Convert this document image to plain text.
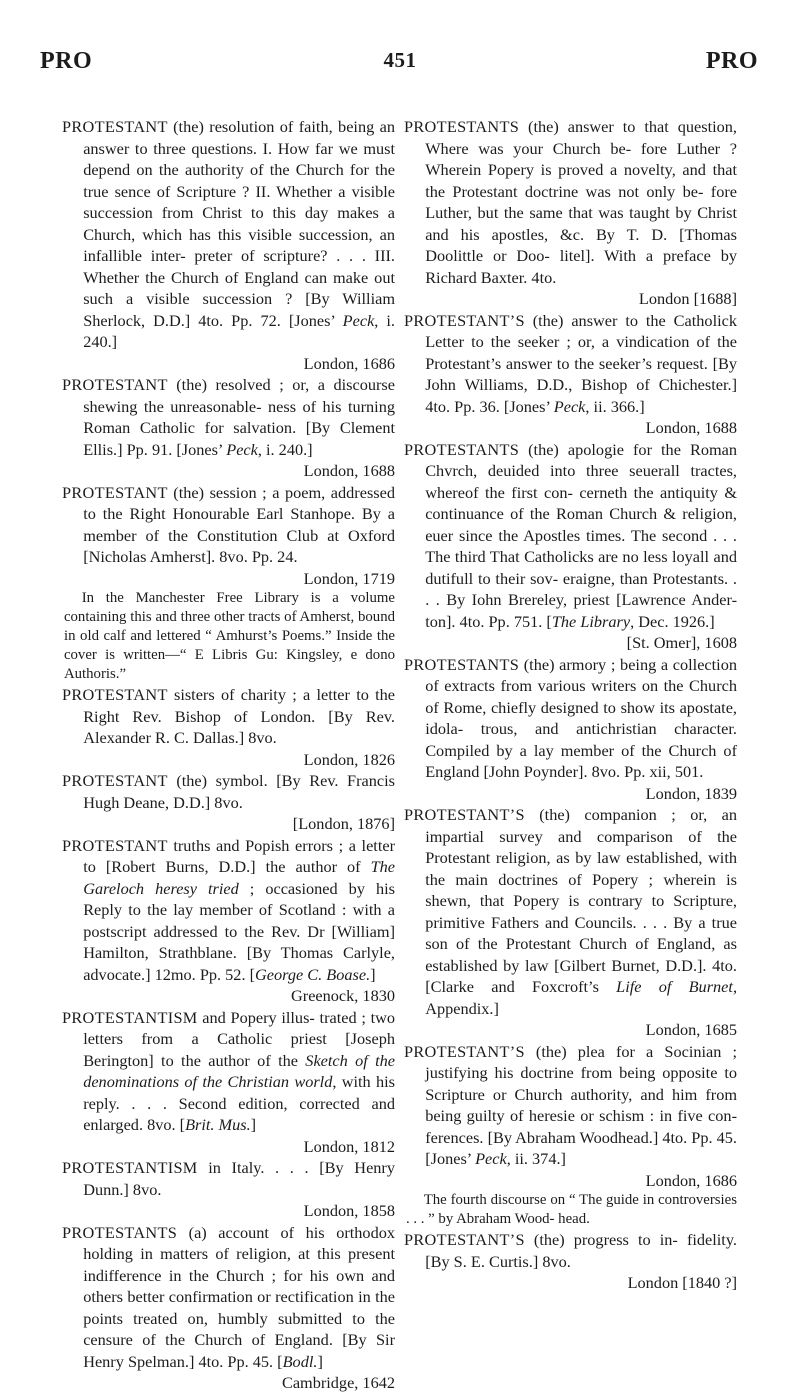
PRO	451	PRO

PROTESTANT (the) resolution of faith, being an answer to three questions. I. How far we must depend on the authority of the Church for the true sence of Scripture ? II. Whether a visible succession from Christ to this day makes a Church, which has this visible succession, an infallible inter- preter of scripture? . . . III. Whether the Church of England can make out such a visible succession ? [By William Sherlock, D.D.] 4to. Pp. 72. [Jones’ Peck, i. 240.]
London, 1686

PROTESTANT (the) resolved ; or, a discourse shewing the unreasonable- ness of his turning Roman Catholic for salvation. [By Clement Ellis.] Pp. 91. [Jones’ Peck, i. 240.]
London, 1688

PROTESTANT (the) session ; a poem, addressed to the Right Honourable Earl Stanhope. By a member of the Constitution Club at Oxford [Nicholas Amherst]. 8vo. Pp. 24.
London, 1719
In the Manchester Free Library is a volume containing this and three other tracts of Amherst, bound in old calf and lettered “ Amhurst’s Poems.” Inside the cover is written—“ E Libris Gu: Kingsley, e dono Authoris.”

PROTESTANT sisters of charity ; a letter to the Right Rev. Bishop of London. [By Rev. Alexander R. C. Dallas.] 8vo.
London, 1826

PROTESTANT (the) symbol. [By Rev. Francis Hugh Deane, D.D.] 8vo.
[London, 1876]

PROTESTANT truths and Popish errors ; a letter to [Robert Burns, D.D.] the author of The Gareloch heresy tried ; occasioned by his Reply to the lay member of Scotland : with a postscript addressed to the Rev. Dr [William] Hamilton, Strathblane. [By Thomas Carlyle, advocate.] 12mo. Pp. 52. [George C. Boase.]
Greenock, 1830

PROTESTANTISM and Popery illus- trated ; two letters from a Catholic priest [Joseph Berington] to the author of the Sketch of the denominations of the Christian world, with his reply. . . . Second edition, corrected and enlarged. 8vo. [Brit. Mus.]
London, 1812

PROTESTANTISM in Italy. . . . [By Henry Dunn.] 8vo.
London, 1858

PROTESTANTS (a) account of his orthodox holding in matters of religion, at this present indifference in the Church ; for his own and others better confirmation or rectification in the points treated on, humbly submitted to the censure of the Church of England. [By Sir Henry Spelman.] 4to. Pp. 45. [Bodl.]
Cambridge, 1642

PROTESTANTS (the) answer to that question, Where was your Church be- fore Luther ? Wherein Popery is proved a novelty, and that the Protestant doctrine was not only be- fore Luther, but the same that was taught by Christ and his apostles, &c. By T. D. [Thomas Doolittle or Doo- litel]. With a preface by Richard Baxter. 4to.
London [1688]

PROTESTANT’S (the) answer to the Catholick Letter to the seeker ; or, a vindication of the Protestant’s answer to the seeker’s request. [By John Williams, D.D., Bishop of Chichester.] 4to. Pp. 36. [Jones’ Peck, ii. 366.]
London, 1688

PROTESTANTS (the) apologie for the Roman Chvrch, deuided into three seuerall tractes, whereof the first con- cerneth the antiquity & continuance of the Roman Church & religion, euer since the Apostles times. The second . . . The third That Catholicks are no less loyall and dutifull to their sov- eraigne, than Protestants. . . . By Iohn Brereley, priest [Lawrence Ander- ton]. 4to. Pp. 751. [The Library, Dec. 1926.]
[St. Omer], 1608

PROTESTANTS (the) armory ; being a collection of extracts from various writers on the Church of Rome, chiefly designed to show its apostate, idola- trous, and antichristian character. Compiled by a lay member of the Church of England [John Poynder]. 8vo. Pp. xii, 501.
London, 1839

PROTESTANT’S (the) companion ; or, an impartial survey and comparison of the Protestant religion, as by law established, with the main doctrines of Popery ; wherein is shewn, that Popery is contrary to Scripture, primitive Fathers and Councils. . . . By a true son of the Protestant Church of England, as established by law [Gilbert Burnet, D.D.]. 4to. [Clarke and Foxcroft’s Life of Burnet, Appendix.]
London, 1685

PROTESTANT’S (the) plea for a Socinian ; justifying his doctrine from being opposite to Scripture or Church authority, and him from being guilty of heresie or schism : in five con- ferences. [By Abraham Woodhead.] 4to. Pp. 45. [Jones’ Peck, ii. 374.]
London, 1686
The fourth discourse on “ The guide in controversies . . . ” by Abraham Wood- head.

PROTESTANT’S (the) progress to in- fidelity. [By S. E. Curtis.] 8vo.
London [1840 ?]
